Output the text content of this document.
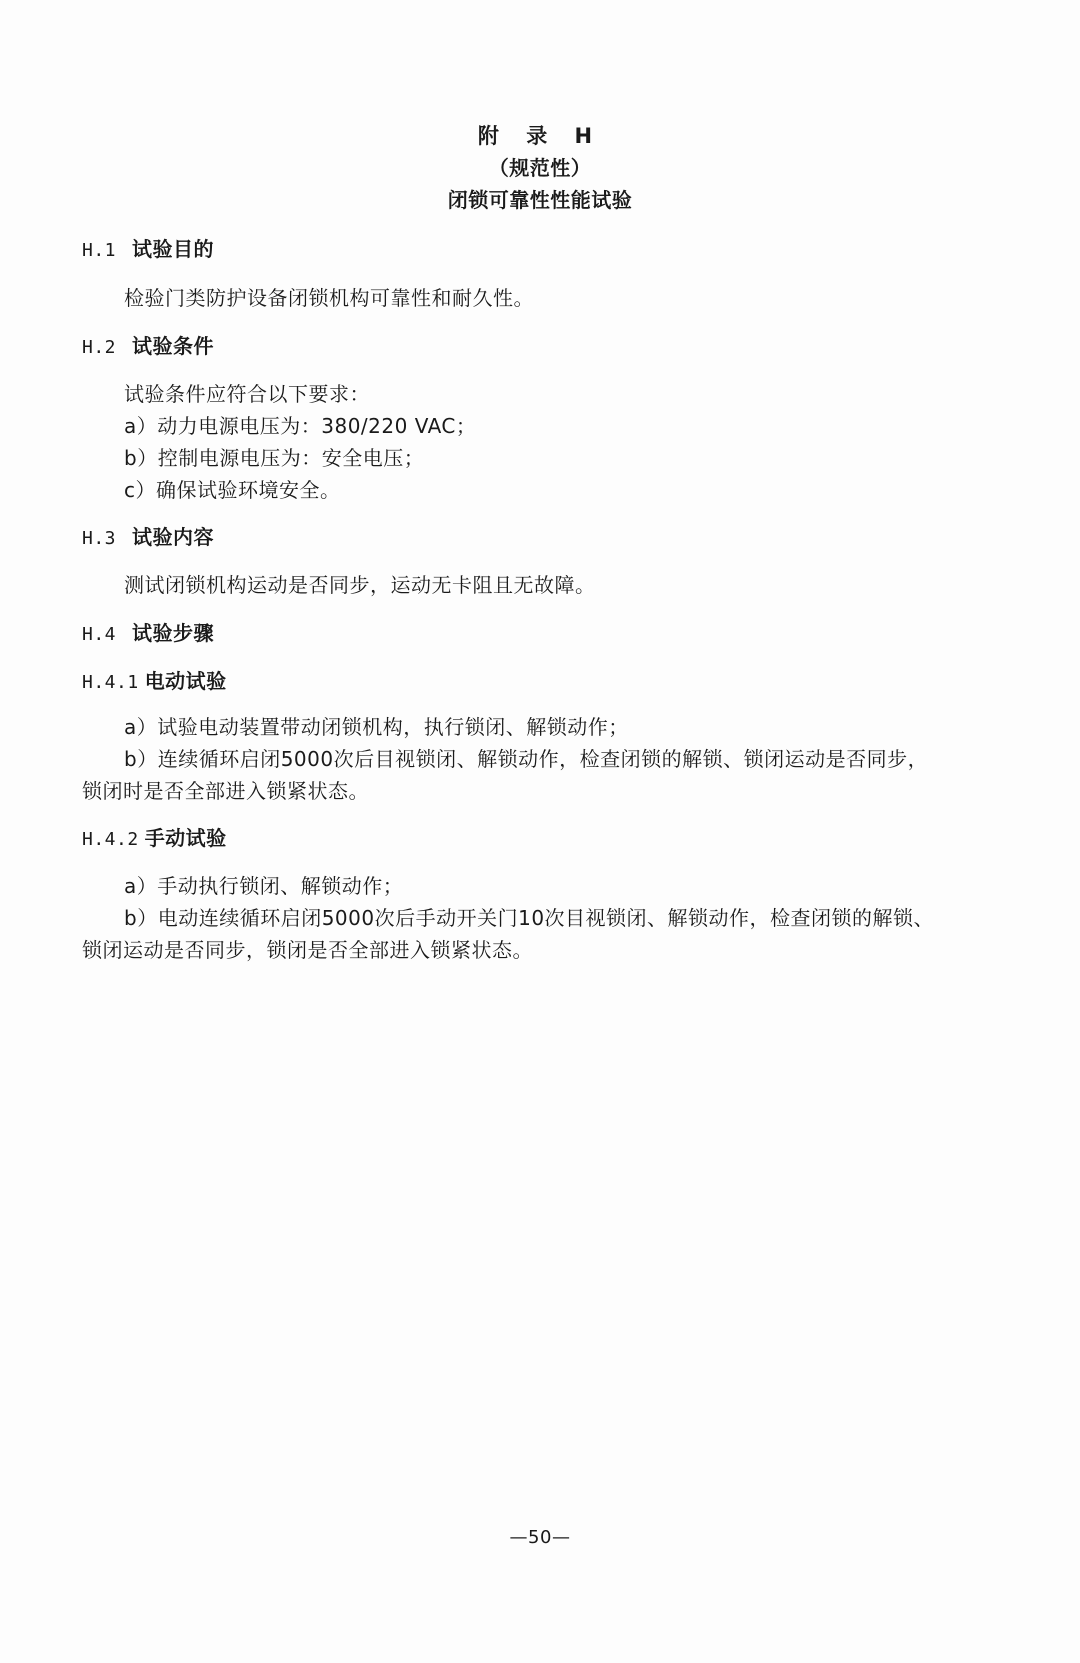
附 录 H
（规范性）
闭锁可靠性性能试验
H.1 试验目的
检验门类防护设备闭锁机构可靠性和耐久性。
H.2 试验条件
试验条件应符合以下要求：
a）动力电源电压为：380/220 VAC；
b）控制电源电压为：安全电压；
c）确保试验环境安全。
H.3 试验内容
测试闭锁机构运动是否同步，运动无卡阻且无故障。
H.4 试验步骤
H.4.1 电动试验
a）试验电动装置带动闭锁机构，执行锁闭、解锁动作；
b）连续循环启闭5000次后目视锁闭、解锁动作，检查闭锁的解锁、锁闭运动是否同步，
锁闭时是否全部进入锁紧状态。
H.4.2 手动试验
a）手动执行锁闭、解锁动作；
b）电动连续循环启闭5000次后手动开关门10次目视锁闭、解锁动作，检查闭锁的解锁、
锁闭运动是否同步，锁闭是否全部进入锁紧状态。
—50—
